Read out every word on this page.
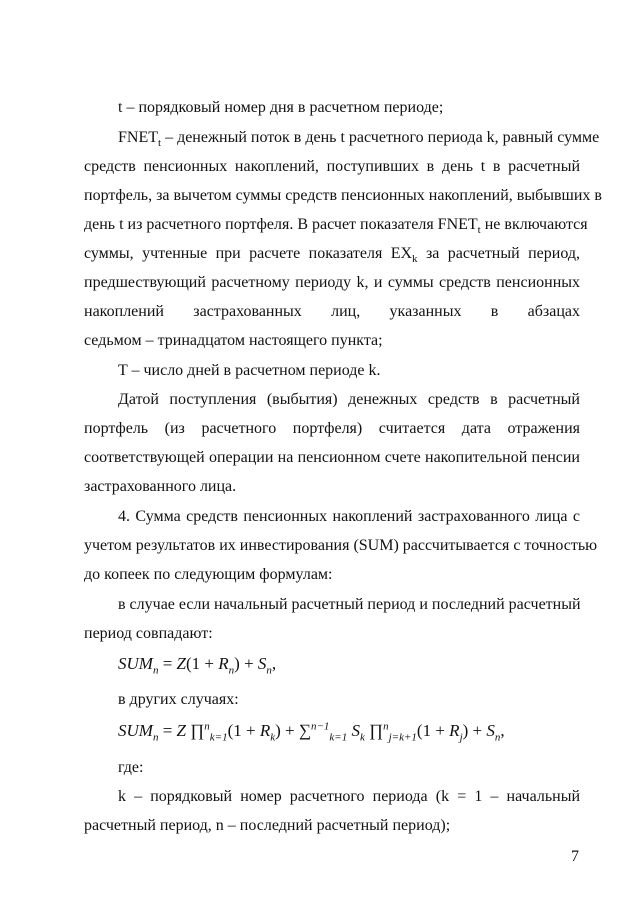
t – порядковый номер дня в расчетном периоде;
$FNET_t$ – денежный поток в день t расчетного периода k, равный сумме
средств пенсионных накоплений, поступивших в день t в расчетный
портфель, за вычетом суммы средств пенсионных накоплений, выбывших в
день t из расчетного портфеля. В расчет показателя $FNET_t$ не включаются
суммы, учтенные при расчете показателя $EX_k$ за расчетный период,
предшествующий расчетному периоду k, и суммы средств пенсионных
накоплений застрахованных лиц, указанных в абзацах
седьмом – тринадцатом настоящего пункта;
T – число дней в расчетном периоде k.
Датой поступления (выбытия) денежных средств в расчетный
портфель (из расчетного портфеля) считается дата отражения
соответствующей операции на пенсионном счете накопительной пенсии
застрахованного лица.
4. Сумма средств пенсионных накоплений застрахованного лица с
учетом результатов их инвестирования (SUM) рассчитывается с точностью
до копеек по следующим формулам:
в случае если начальный расчетный период и последний расчетный
период совпадают:
$SUM_n = Z(1 + R_n) + S_n$,
в других случаях:
$SUM_n = Z$ ∏$^n_{k=1}$(1 + $R_k) + \sum^{n-1}_{k=1}$ $S_k$ ∏$^n_{j=k+1}$(1 + $R_j) + S_n$,
где:
k – порядковый номер расчетного периода (k = 1 – начальный
расчетный период, n – последний расчетный период);
7
